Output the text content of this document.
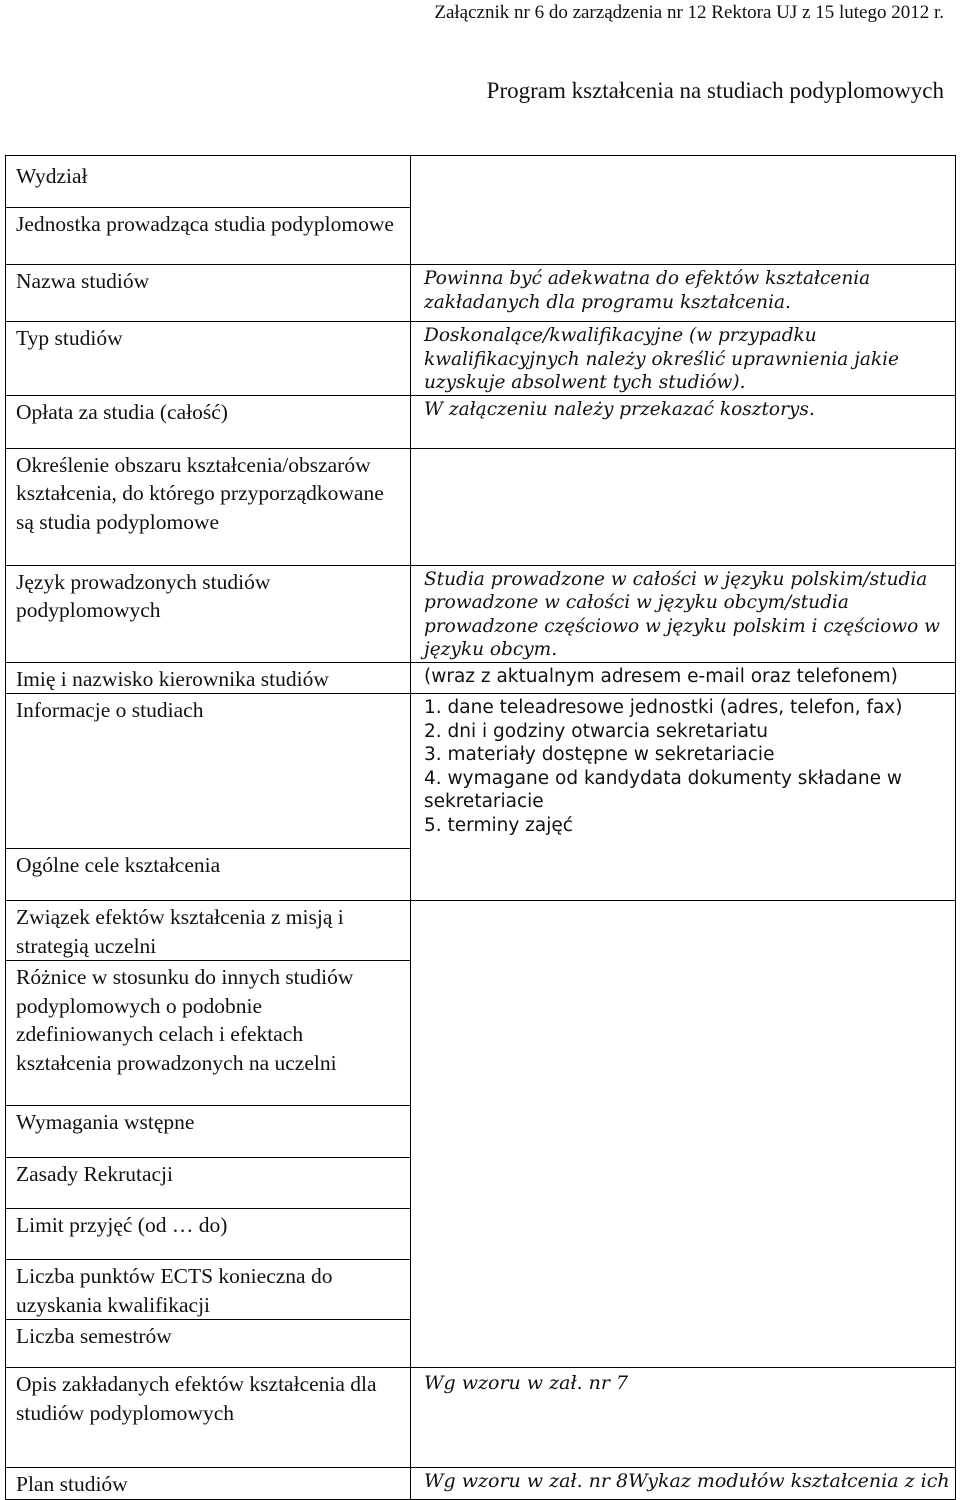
Załącznik nr 6 do zarządzenia nr 12 Rektora UJ z 15 lutego 2012 r.
Program kształcenia na studiach podyplomowych
Wydział	
Jednostka prowadząca studia podyplomowe	
Nazwa studiów	Powinna być adekwatna do efektów kształcenia zakładanych dla programu kształcenia.
Typ studiów	Doskonalące/kwalifikacyjne (w przypadku kwalifikacyjnych należy określić uprawnienia jakie uzyskuje absolwent tych studiów).
Opłata za studia (całość)	W załączeniu należy przekazać kosztorys.
Określenie obszaru kształcenia/obszarów kształcenia, do którego przyporządkowane są studia podyplomowe	
Język prowadzonych studiów podyplomowych	Studia prowadzone w całości w języku polskim/studia prowadzone w całości w języku obcym/studia prowadzone częściowo w języku polskim i częściowo w języku obcym.
Imię i nazwisko kierownika studiów	(wraz z aktualnym adresem e-mail oraz telefonem)
Informacje o studiach	1. dane teleadresowe jednostki (adres, telefon, fax)
2. dni i godziny otwarcia sekretariatu
3. materiały dostępne w sekretariacie
4. wymagane od kandydata dokumenty składane w sekretariacie
5. terminy zajęć

Ogólne cele kształcenia	
Związek efektów kształcenia z misją i strategią uczelni	
Różnice w stosunku do innych studiów podyplomowych o podobnie zdefiniowanych celach i efektach kształcenia prowadzonych na uczelni	
Wymagania wstępne	
Zasady Rekrutacji	
Limit przyjęć (od … do)	
Liczba punktów ECTS konieczna do uzyskania kwalifikacji	
Liczba semestrów	
Opis zakładanych efektów kształcenia dla studiów podyplomowych	Wg wzoru w zał. nr 7
Plan studiów	Wg wzoru w zał. nr 8Wykaz modułów kształcenia z ich
